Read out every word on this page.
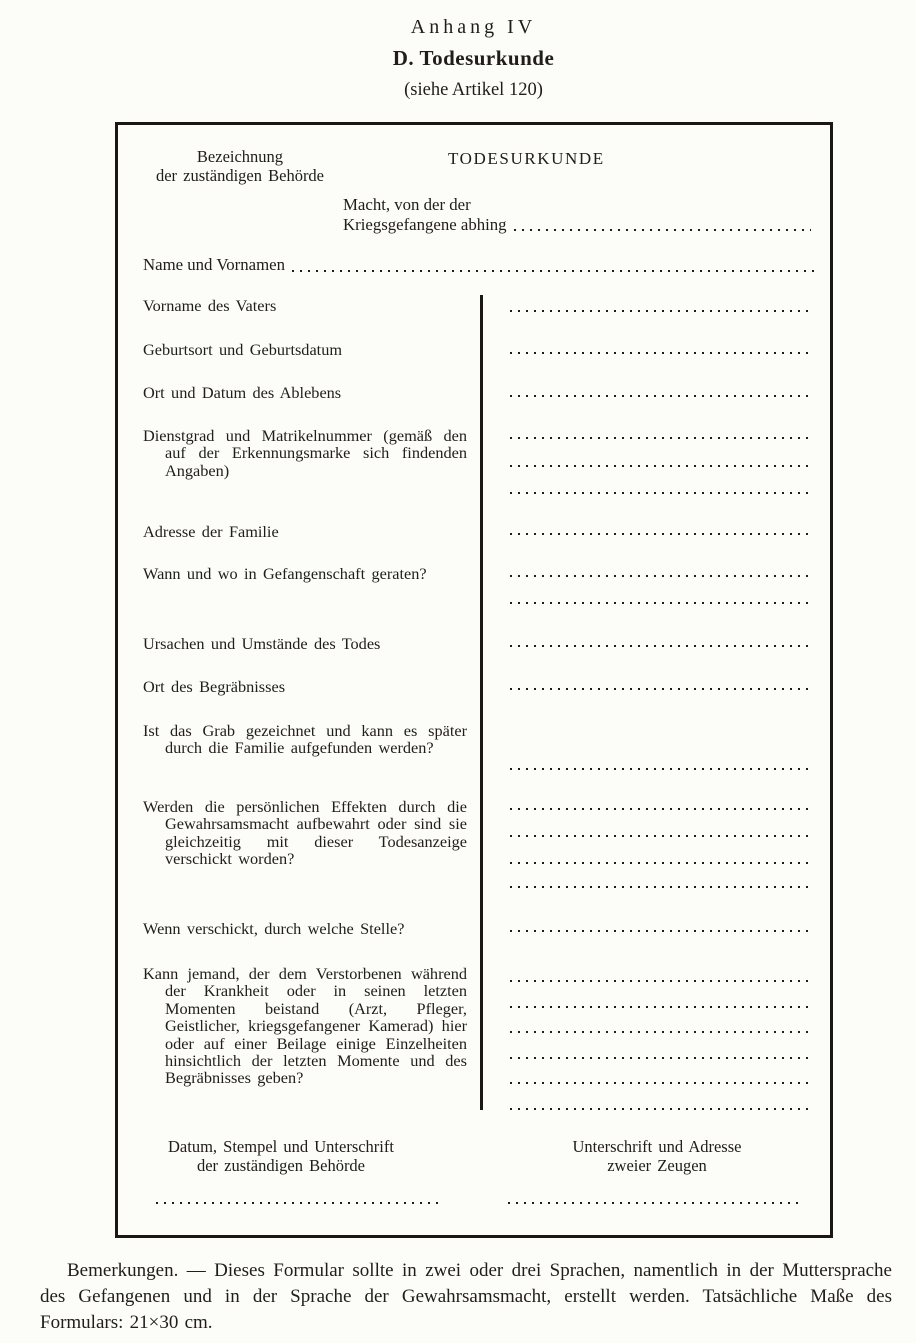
Anhang IV
D. Todesurkunde
(siehe Artikel 120)
Bezeichnung
der zuständigen Behörde
TODESURKUNDE
Macht, von der der
Kriegsgefangene abhing
Name und Vornamen
Vorname des Vaters
Geburtsort und Geburtsdatum
Ort und Datum des Ablebens
Dienstgrad und Matrikelnummer (gemäß den auf der Erkennungsmarke sich findenden Angaben)
Adresse der Familie
Wann und wo in Gefangenschaft geraten?
Ursachen und Umstände des Todes
Ort des Begräbnisses
Ist das Grab gezeichnet und kann es später durch die Familie aufgefunden werden?
Werden die persönlichen Effekten durch die Gewahrsamsmacht aufbewahrt oder sind sie gleichzeitig mit dieser Todesanzeige verschickt worden?
Wenn verschickt, durch welche Stelle?
Kann jemand, der dem Verstorbenen während der Krankheit oder in seinen letzten Momenten beistand (Arzt, Pfleger, Geistlicher, kriegsgefangener Kamerad) hier oder auf einer Beilage einige Einzelheiten hinsichtlich der letzten Momente und des Begräbnisses geben?
Datum, Stempel und Unterschrift
der zuständigen Behörde
Unterschrift und Adresse
zweier Zeugen

Bemerkungen. — Dieses Formular sollte in zwei oder drei Sprachen, namentlich in der Muttersprache des Gefangenen und in der Sprache der Gewahrsamsmacht, erstellt werden. Tatsächliche Maße des Formulars: 21×30 cm.
